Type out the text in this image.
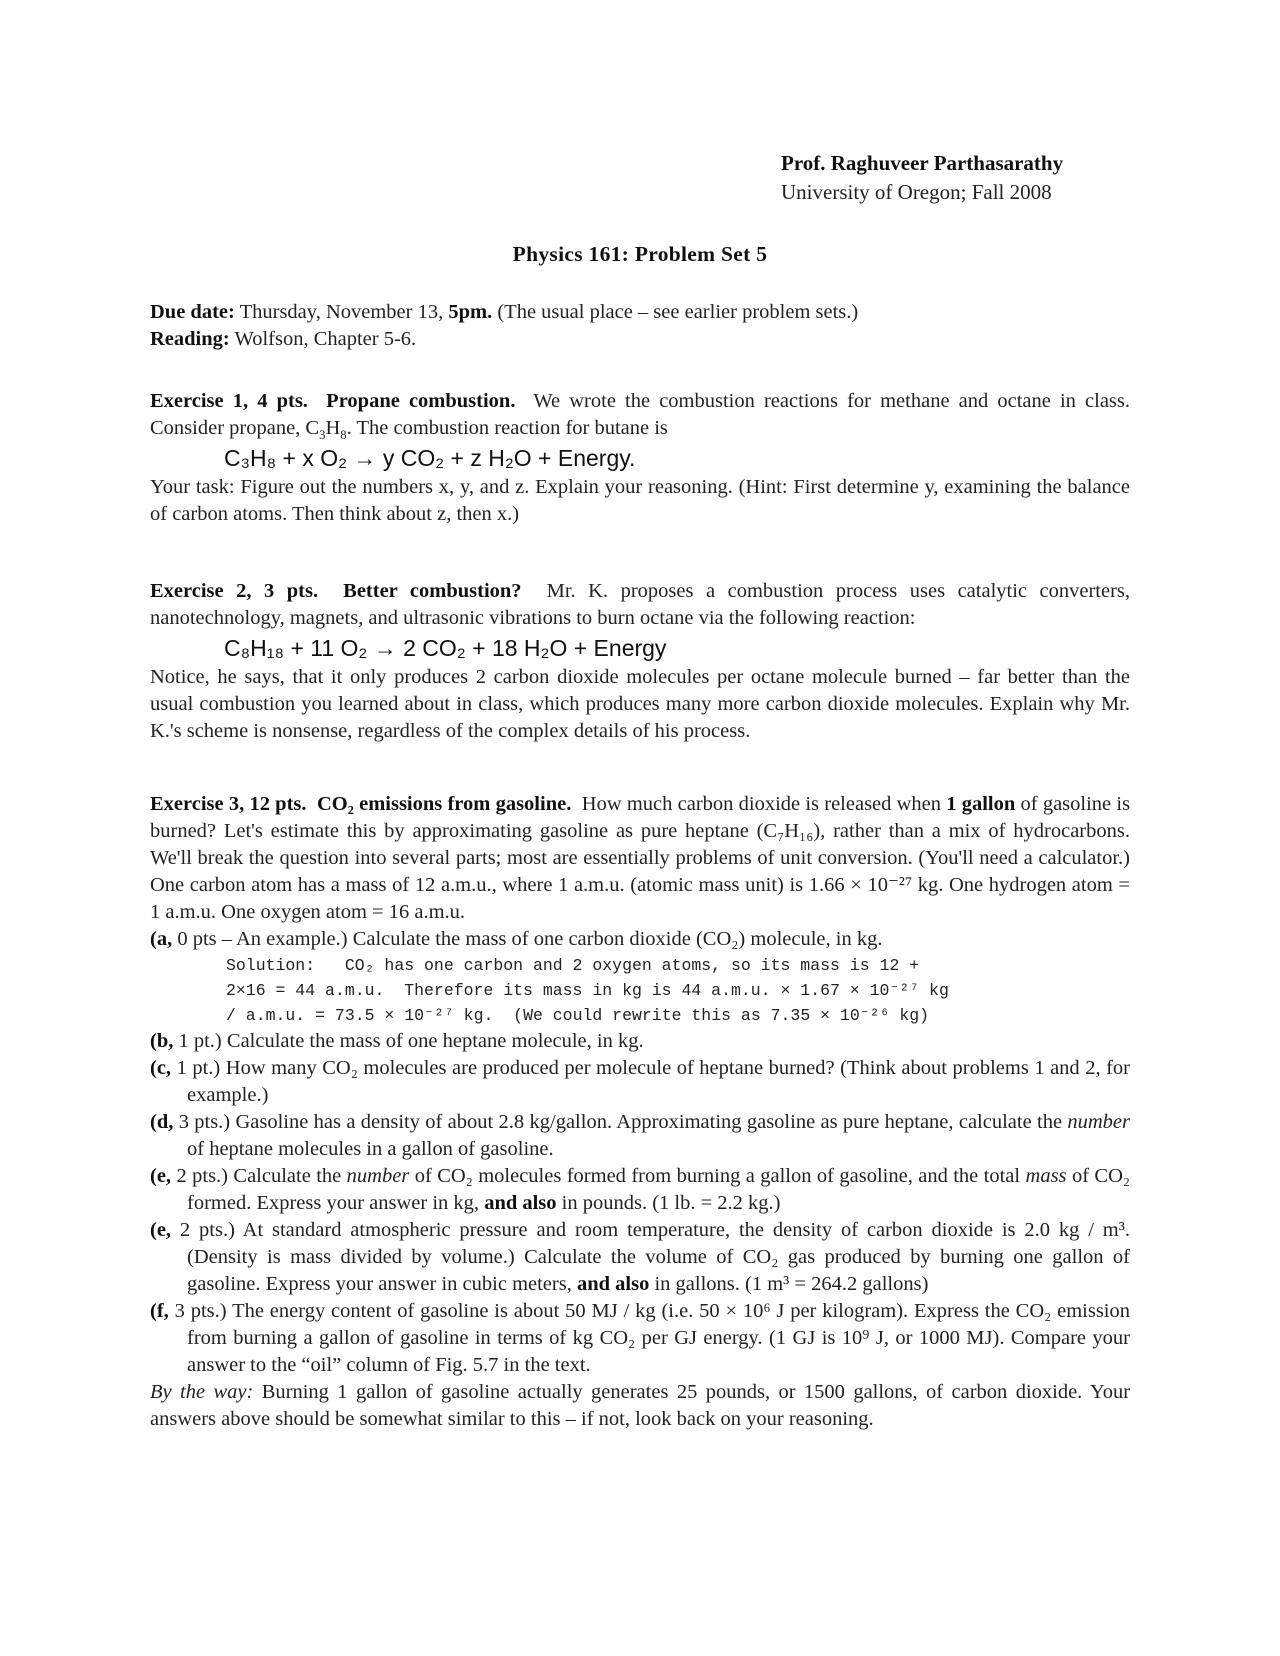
Prof. Raghuveer Parthasarathy
University of Oregon; Fall 2008
Physics 161: Problem Set 5

Due date: Thursday, November 13, 5pm. (The usual place – see earlier problem sets.)

Reading: Wolfson, Chapter 5-6.

Exercise 1, 4 pts. Propane combustion. We wrote the combustion reactions for methane and octane in class. Consider propane, $C_3H_8$. The combustion reaction for butane is

C₃H₈ + x O₂ → y CO₂ + z H₂O + Energy.

Your task: Figure out the numbers x, y, and z. Explain your reasoning. (Hint: First determine y, examining the balance of carbon atoms. Then think about z, then x.)

Exercise 2, 3 pts. Better combustion? Mr. K. proposes a combustion process uses catalytic converters, nanotechnology, magnets, and ultrasonic vibrations to burn octane via the following reaction:

C₈H₁₈ + 11 O₂ → 2 CO₂ + 18 H₂O + Energy

Notice, he says, that it only produces 2 carbon dioxide molecules per octane molecule burned – far better than the usual combustion you learned about in class, which produces many more carbon dioxide molecules. Explain why Mr. K.'s scheme is nonsense, regardless of the complex details of his process.

Exercise 3, 12 pts. CO₂ emissions from gasoline. How much carbon dioxide is released when 1 gallon of gasoline is burned? Let's estimate this by approximating gasoline as pure heptane (C₇H₁₆), rather than a mix of hydrocarbons. We'll break the question into several parts; most are essentially problems of unit conversion. (You'll need a calculator.) One carbon atom has a mass of 12 a.m.u., where 1 a.m.u. (atomic mass unit) is 1.66 × 10⁻²⁷ kg. One hydrogen atom = 1 a.m.u. One oxygen atom = 16 a.m.u.

(a, 0 pts – An example.) Calculate the mass of one carbon dioxide (CO₂) molecule, in kg.

Solution:   CO₂ has one carbon and 2 oxygen atoms, so its mass is 12 +
2×16 = 44 a.m.u.  Therefore its mass in kg is 44 a.m.u. × 1.67 × 10⁻²⁷ kg
/ a.m.u. = 73.5 × 10⁻²⁷ kg.  (We could rewrite this as 7.35 × 10⁻²⁶ kg)

(b, 1 pt.) Calculate the mass of one heptane molecule, in kg.

(c, 1 pt.) How many CO₂ molecules are produced per molecule of heptane burned? (Think about problems 1 and 2, for example.)

(d, 3 pts.) Gasoline has a density of about 2.8 kg/gallon. Approximating gasoline as pure heptane, calculate the number of heptane molecules in a gallon of gasoline.

(e, 2 pts.) Calculate the number of CO₂ molecules formed from burning a gallon of gasoline, and the total mass of CO₂ formed. Express your answer in kg, and also in pounds. (1 lb. = 2.2 kg.)

(e, 2 pts.) At standard atmospheric pressure and room temperature, the density of carbon dioxide is 2.0 kg / m³. (Density is mass divided by volume.) Calculate the volume of CO₂ gas produced by burning one gallon of gasoline. Express your answer in cubic meters, and also in gallons. (1 m³ = 264.2 gallons)

(f, 3 pts.) The energy content of gasoline is about 50 MJ / kg (i.e. 50 × 10⁶ J per kilogram). Express the CO₂ emission from burning a gallon of gasoline in terms of kg CO₂ per GJ energy. (1 GJ is 10⁹ J, or 1000 MJ). Compare your answer to the “oil” column of Fig. 5.7 in the text.

By the way: Burning 1 gallon of gasoline actually generates 25 pounds, or 1500 gallons, of carbon dioxide. Your answers above should be somewhat similar to this – if not, look back on your reasoning.
